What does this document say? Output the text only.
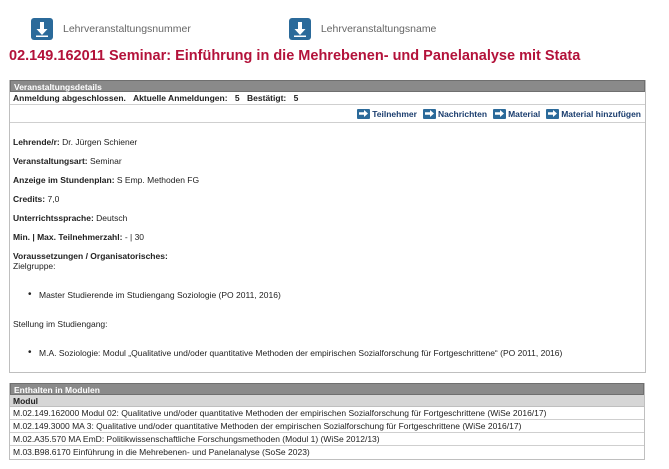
Lehrveranstaltungsnummer	Lehrveranstaltungsname
02.149.162011 Seminar: Einführung in die Mehrebenen- und Panelanalyse mit Stata
Veranstaltungsdetails
Anmeldung abgeschlossen. Aktuelle Anmeldungen: 5 Bestätigt: 5
Teilnehmer Nachrichten Material Material hinzufügen
Lehrende/r: Dr. Jürgen Schiener
Veranstaltungsart: Seminar
Anzeige im Stundenplan: S Emp. Methoden FG
Credits: 7,0
Unterrichtssprache: Deutsch
Min. | Max. Teilnehmerzahl: - | 30
Voraussetzungen / Organisatorisches:
Zielgruppe:
• Master Studierende im Studiengang Soziologie (PO 2011, 2016)
Stellung im Studiengang:
• M.A. Soziologie: Modul „Qualitative und/oder quantitative Methoden der empirischen Sozialforschung für Fortgeschrittene“ (PO 2011, 2016)
Enthalten in Modulen
Modul
M.02.149.162000 Modul 02: Qualitative und/oder quantitative Methoden der empirischen Sozialforschung für Fortgeschrittene (WiSe 2016/17)
M.02.149.3000 MA 3: Qualitative und/oder quantitative Methoden der empirischen Sozialforschung für Fortgeschrittene (WiSe 2016/17)
M.02.A35.570 MA EmD: Politikwissenschaftliche Forschungsmethoden (Modul 1) (WiSe 2012/13)
M.03.B98.6170 Einführung in die Mehrebenen- und Panelanalyse (SoSe 2023)
